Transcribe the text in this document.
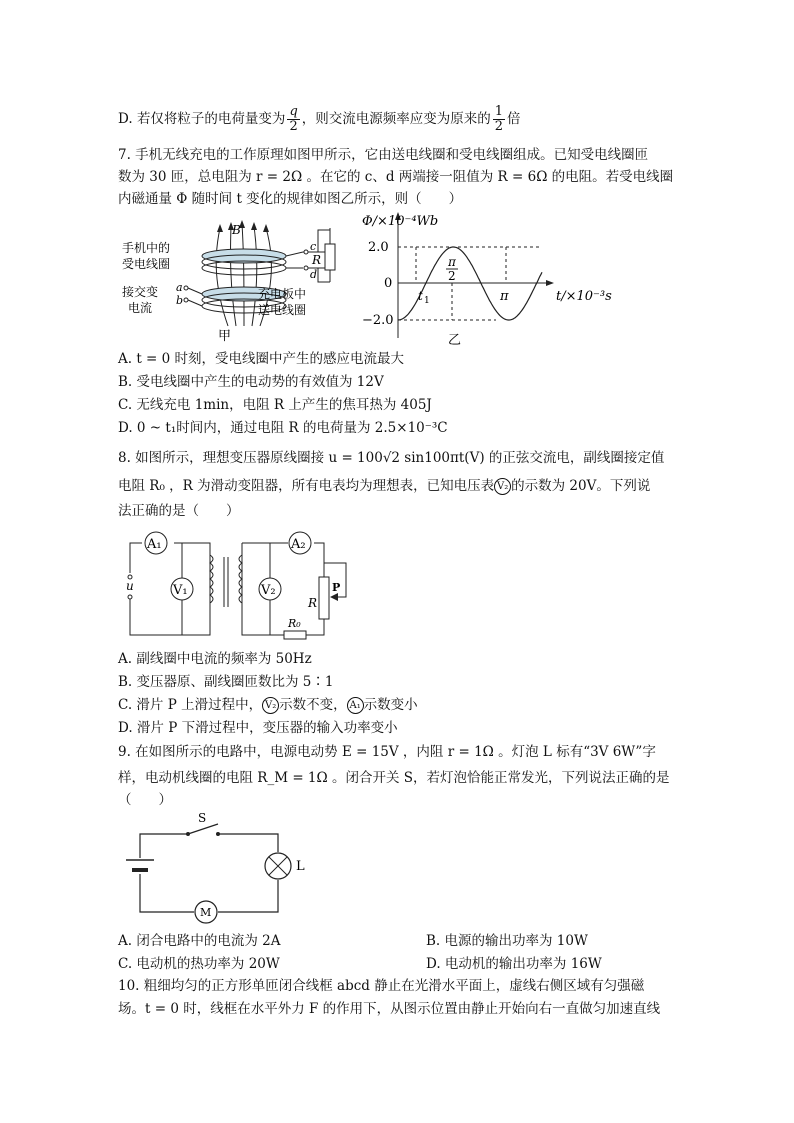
D. 若仅将粒子的电荷量变为 $\frac{q}{2}$ ，则交流电源频率应变为原来的 $\frac{1}{2}$ 倍
7. 手机无线充电的工作原理如图甲所示，它由送电线圈和受电线圈组成。已知受电线圈匝
数为 30 匝，总电阻为 r = 2Ω 。在它的 c、d 两端接一阻值为 R = 6Ω 的电阻。若受电线圈
内磁通量 Φ 随时间 t 变化的规律如图乙所示，则（　　）
B
c
d
R
a
b
手机中的
受电线圈
接交变
电流
充电板中
送电线圈
甲
Φ/×10⁻⁴Wb
2.0
0
−2.0
π
2
t 1	π	t/×10⁻³s
乙
A. t = 0 时刻，受电线圈中产生的感应电流最大
B. 受电线圈中产生的电动势的有效值为 12V
C. 无线充电 1min，电阻 R 上产生的焦耳热为 405J
D. 0 ~ t₁时间内，通过电阻 R 的电荷量为 2.5×10⁻³C
8. 如图所示，理想变压器原线圈接 u = 100√2 sin100πt(V) 的正弦交流电，副线圈接定值
电阻 R₀ ，R 为滑动变阻器，所有电表均为理想表，已知电压表 V₂ 的示数为 20V。下列说
法正确的是（　　）
u
A₁
V₁
A₂
V₂
R
P
R₀
A. 副线圈中电流的频率为 50Hz
B. 变压器原、副线圈匝数比为 5∶1
C. 滑片 P 上滑过程中， V₂ 示数不变， A₁ 示数变小
D. 滑片 P 下滑过程中，变压器的输入功率变小
9. 在如图所示的电路中，电源电动势 E = 15V ，内阻 r = 1Ω 。灯泡 L 标有“3V 6W”字
样，电动机线圈的电阻 R_M = 1Ω 。闭合开关 S，若灯泡恰能正常发光，下列说法正确的是
（　　）
S
L
M
A. 闭合电路中的电流为 2A	B. 电源的输出功率为 10W
C. 电动机的热功率为 20W	D. 电动机的输出功率为 16W
10. 粗细均匀的正方形单匝闭合线框 abcd 静止在光滑水平面上，虚线右侧区域有匀强磁
场。t = 0 时，线框在水平外力 F 的作用下，从图示位置由静止开始向右一直做匀加速直线
